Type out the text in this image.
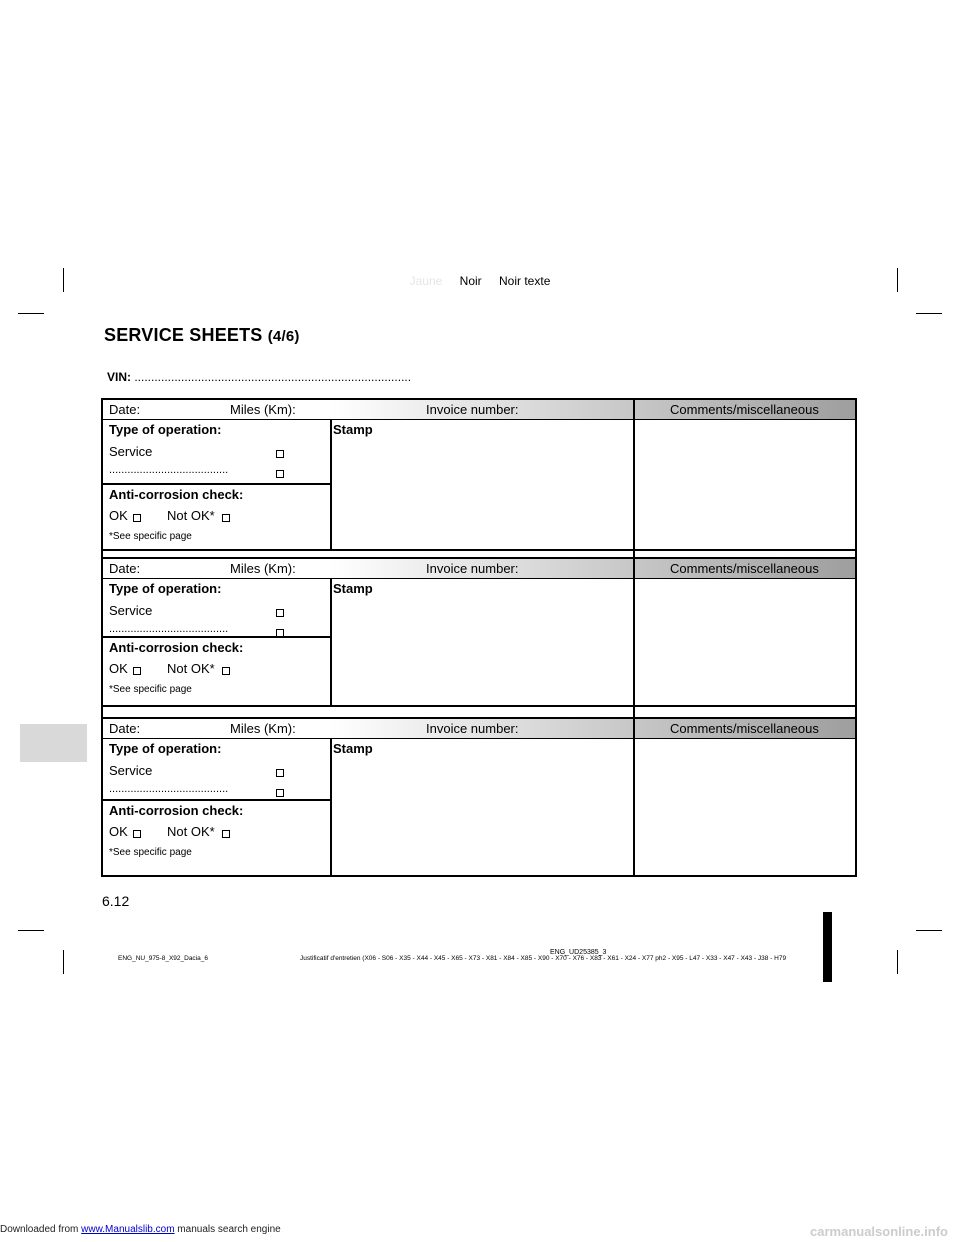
Jaune Noir Noir texte
SERVICE SHEETS (4/6)
VIN: ...................................................................................
Date:	Miles (Km):	Invoice number:	Comments/miscellaneous
Type of operation:	Stamp
Service
.......................................
Anti-corrosion check:
OK	Not OK*
*See specific page
Date:	Miles (Km):	Invoice number:	Comments/miscellaneous
Type of operation:	Stamp
Service
.......................................
Anti-corrosion check:
OK	Not OK*
*See specific page
Date:	Miles (Km):	Invoice number:	Comments/miscellaneous
Type of operation:	Stamp
Service
.......................................
Anti-corrosion check:
OK	Not OK*
*See specific page
6.12
ENG_UD25385_3
ENG_NU_975-8_X92_Dacia_6	Justificatif d'entretien (X06 - S06 - X35 - X44 - X45 - X65 - X73 - X81 - X84 - X85 - X90 - X70 - X76 - X83 - X61 - X24 - X77 ph2 - X95 - L47 - X33 - X47 - X43 - J38 - H79
Downloaded from www.Manualslib.com manuals search engine	carmanualsonline.info
